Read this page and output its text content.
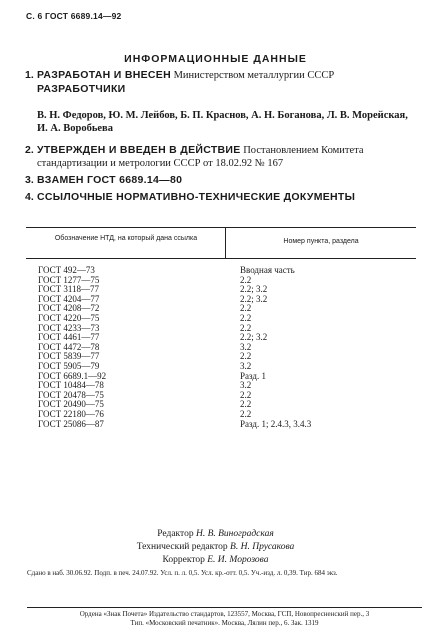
С. 6 ГОСТ 6689.14—92
ИНФОРМАЦИОННЫЕ ДАННЫЕ
1. РАЗРАБОТАН И ВНЕСЕН Министерством металлургии СССР
РАЗРАБОТЧИКИ
В. Н. Федоров, Ю. М. Лейбов, Б. П. Краснов, А. Н. Боганова, Л. В. Морейская, И. А. Воробьева
2. УТВЕРЖДЕН И ВВЕДЕН В ДЕЙСТВИЕ Постановлением Комитета стандартизации и метрологии СССР от 18.02.92 № 167
3. ВЗАМЕН ГОСТ 6689.14—80
4. ССЫЛОЧНЫЕ НОРМАТИВНО-ТЕХНИЧЕСКИЕ ДОКУМЕНТЫ
Обозначение НТД, на который дана ссылка	Номер пункта, раздела
ГОСТ 492—73	Вводная часть
ГОСТ 1277—75	2.2
ГОСТ 3118—77	2.2; 3.2
ГОСТ 4204—77	2.2; 3.2
ГОСТ 4208—72	2.2
ГОСТ 4220—75	2.2
ГОСТ 4233—73	2.2
ГОСТ 4461—77	2.2; 3.2
ГОСТ 4472—78	3.2
ГОСТ 5839—77	2.2
ГОСТ 5905—79	3.2
ГОСТ 6689.1—92	Разд. 1
ГОСТ 10484—78	3.2
ГОСТ 20478—75	2.2
ГОСТ 20490—75	2.2
ГОСТ 22180—76	2.2
ГОСТ 25086—87	Разд. 1; 2.4.3, 3.4.3
Редактор Н. В. Виноградская
Технический редактор В. Н. Прусакова
Корректор Е. И. Морозова
Сдано в наб. 30.06.92. Подп. в печ. 24.07.92. Усл. п. л. 0,5. Усл. кр.-отт. 0,5. Уч.-изд. л. 0,39. Тир. 684 экз.
Ордена «Знак Почета» Издательство стандартов, 123557, Москва, ГСП, Новопресненский пер., 3
Тип. «Московский печатник». Москва, Лялин пер., 6. Зак. 1319
